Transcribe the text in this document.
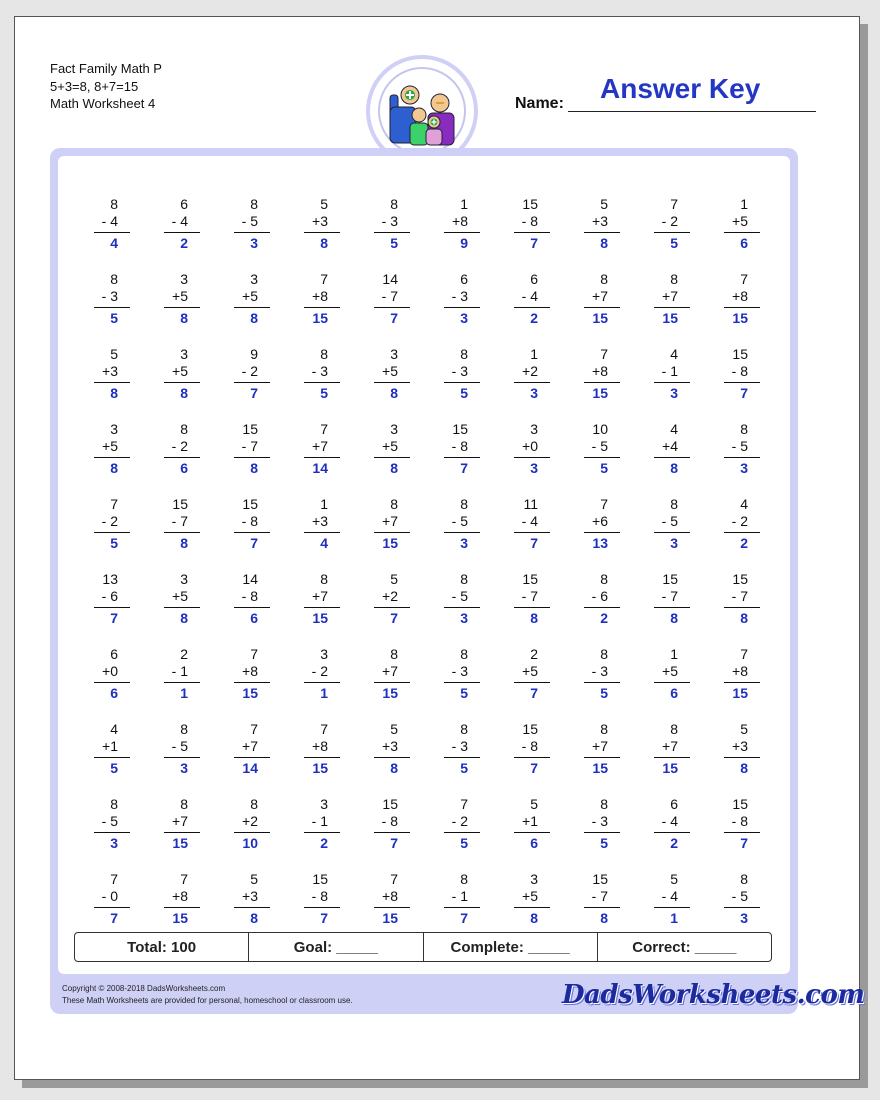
Fact Family Math P
5+3=8, 8+7=15
Math Worksheet 4	Answer Key
Name:
8
- 4
4
6
- 4
2
8
- 5
3
5
+3
8
8
- 3
5
1
+8
9
15
- 8
7
5
+3
8
7
- 2
5
1
+5
6
8
- 3
5
3
+5
8
3
+5
8
7
+8
15
14
- 7
7
6
- 3
3
6
- 4
2
8
+7
15
8
+7
15
7
+8
15
5
+3
8
3
+5
8
9
- 2
7
8
- 3
5
3
+5
8
8
- 3
5
1
+2
3
7
+8
15
4
- 1
3
15
- 8
7
3
+5
8
8
- 2
6
15
- 7
8
7
+7
14
3
+5
8
15
- 8
7
3
+0
3
10
- 5
5
4
+4
8
8
- 5
3
7
- 2
5
15
- 7
8
15
- 8
7
1
+3
4
8
+7
15
8
- 5
3
11
- 4
7
7
+6
13
8
- 5
3
4
- 2
2
13
- 6
7
3
+5
8
14
- 8
6
8
+7
15
5
+2
7
8
- 5
3
15
- 7
8
8
- 6
2
15
- 7
8
15
- 7
8
6
+0
6
2
- 1
1
7
+8
15
3
- 2
1
8
+7
15
8
- 3
5
2
+5
7
8
- 3
5
1
+5
6
7
+8
15
4
+1
5
8
- 5
3
7
+7
14
7
+8
15
5
+3
8
8
- 3
5
15
- 8
7
8
+7
15
8
+7
15
5
+3
8
8
- 5
3
8
+7
15
8
+2
10
3
- 1
2
15
- 8
7
7
- 2
5
5
+1
6
8
- 3
5
6
- 4
2
15
- 8
7
7
- 0
7
7
+8
15
5
+3
8
15
- 8
7
7
+8
15
8
- 1
7
3
+5
8
15
- 7
8
5
- 4
1
8
- 5
3
Total: 100	Goal: _____	Complete: _____	Correct: _____
Copyright © 2008-2018 DadsWorksheets.com
These Math Worksheets are provided for personal, homeschool or classroom use.	DadsWorksheets.com
